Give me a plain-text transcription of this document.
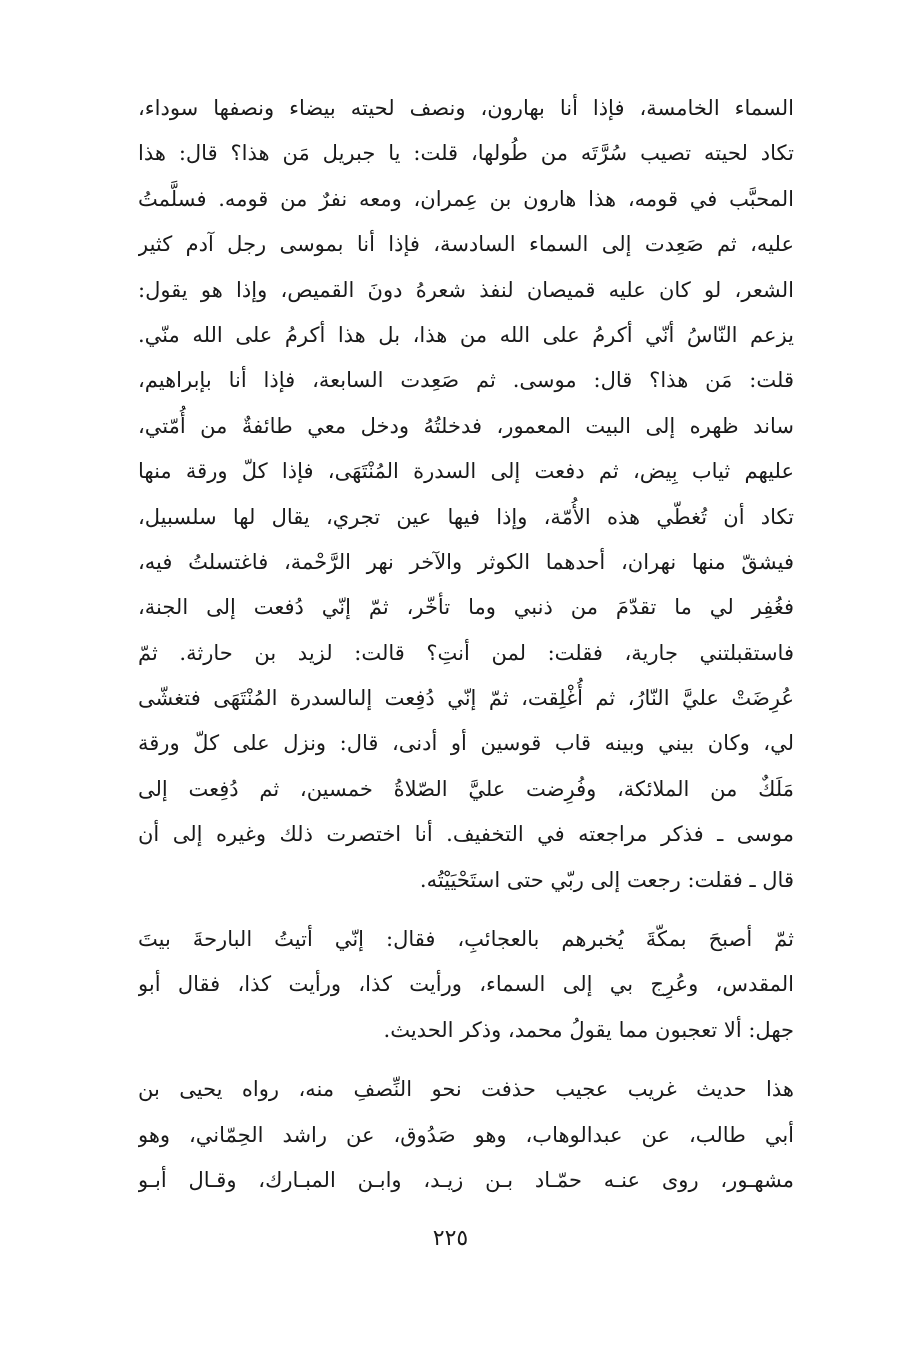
السماء الخامسة، فإذا أنا بهارون، ونصف لحيته بيضاء ونصفها سوداء،
تكاد لحيته تصيب سُرَّتَه من طُولها، قلت: يا جبريل مَن هذا؟ قال: هذا
المحبَّب في قومه، هذا هارون بن عِمران، ومعه نفرٌ من قومه. فسلَّمتُ
عليه، ثم صَعِدت إلى السماء السادسة، فإذا أنا بموسى رجل آدم كثير
الشعر، لو كان عليه قميصان لنفذ شعرهُ دونَ القميص، وإذا هو يقول:
يزعم النّاسُ أنّي أكرمُ على الله من هذا، بل هذا أكرمُ على الله منّي.
قلت: مَن هذا؟ قال: موسى. ثم صَعِدت السابعة، فإذا أنا بإبراهيم،
ساند ظهره إلى البيت المعمور، فدخلتُهُ ودخل معي طائفةٌ من أُمّتي،
عليهم ثياب بِيض، ثم دفعت إلى السدرة المُنْتَهَى، فإذا كلّ ورقة منها
تكاد أن تُغطّي هذه الأُمّة، وإذا فيها عين تجري، يقال لها سلسبيل،
فيشقّ منها نهران، أحدهما الكوثر والآخر نهر الرَّحْمة، فاغتسلتُ فيه،
فغُفِر لي ما تقدّمَ من ذنبي وما تأخّر، ثمّ إنّي دُفعت إلى الجنة،
فاستقبلتني جارية، فقلت: لمن أنتِ؟ قالت: لزيد بن حارثة. ثمّ
عُرِضَتْ عليَّ النّارُ، ثم أُغْلِقت، ثمّ إنّي دُفِعت إلىالسدرة المُنْتَهَى فتغشّى
لي، وكان بيني وبينه قاب قوسين أو أدنى، قال: ونزل على كلّ ورقة
مَلَكٌ من الملائكة، وفُرِضت عليَّ الصّلاةُ خمسين، ثم دُفِعت إلى
موسى ـ فذكر مراجعته في التخفيف. أنا اختصرت ذلك وغيره إلى أن
قال ـ فقلت: رجعت إلى ربّي حتى استَحْيَيْتُه.
ثمّ أصبحَ بمكّةَ يُخبرهم بالعجائبِ، فقال: إنّي أتيتُ البارحةَ بيتَ
المقدس، وعُرِج بي إلى السماء، ورأيت كذا، ورأيت كذا، فقال أبو
جهل: ألا تعجبون مما يقولُ محمد، وذكر الحديث.
هذا حديث غريب عجيب حذفت نحو النِّصفِ منه، رواه يحيى بن
أبي طالب، عن عبدالوهاب، وهو صَدُوق، عن راشد الحِمّاني، وهو
مشهـور، روى عنـه حمّـاد بـن زيـد، وابـن المبـارك، وقـال أبـو
٢٢٥
